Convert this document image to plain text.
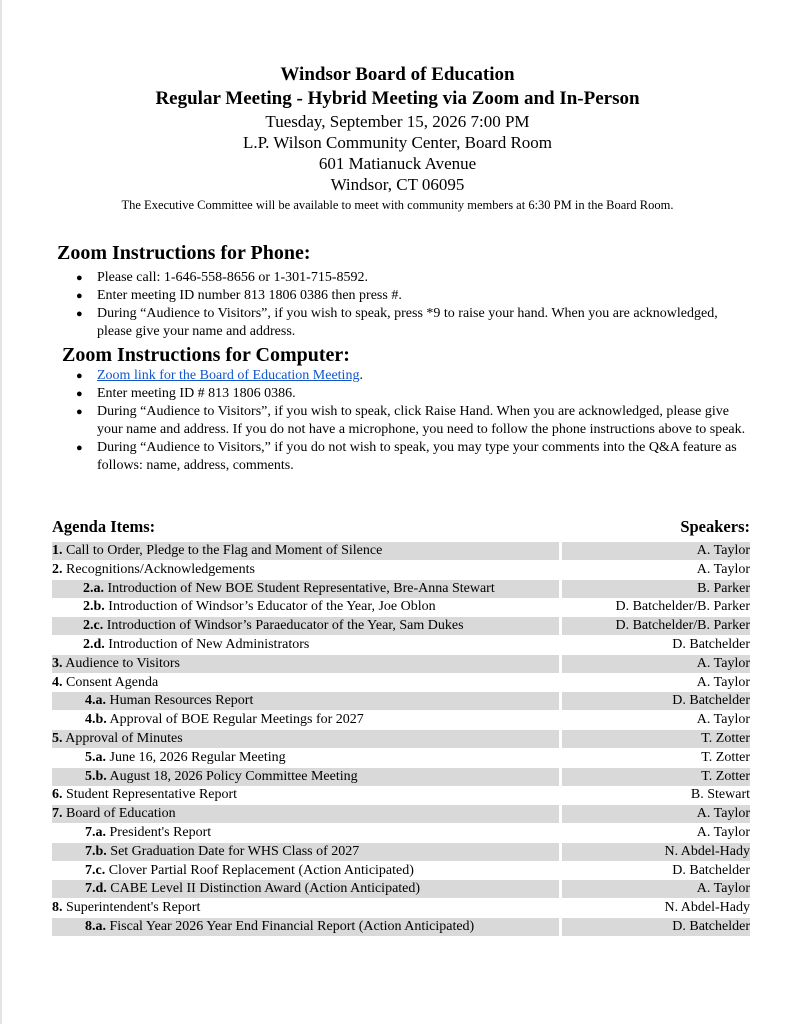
Windsor Board of Education
Regular Meeting - Hybrid Meeting via Zoom and In-Person
Tuesday, September 15, 2026 7:00 PM
L.P. Wilson Community Center, Board Room
601 Matianuck Avenue
Windsor, CT 06095
The Executive Committee will be available to meet with community members at 6:30 PM in the Board Room.
Zoom Instructions for Phone:
● Please call: 1-646-558-8656 or 1-301-715-8592.
● Enter meeting ID number 813 1806 0386 then press #.
● During “Audience to Visitors”, if you wish to speak, press *9 to raise your hand. When you are acknowledged, please give your name and address.
Zoom Instructions for Computer:
● Zoom link for the Board of Education Meeting.
● Enter meeting ID # 813 1806 0386.
● During “Audience to Visitors”, if you wish to speak, click Raise Hand. When you are acknowledged, please give your name and address. If you do not have a microphone, you need to follow the phone instructions above to speak.
● During “Audience to Visitors,” if you do not wish to speak, you may type your comments into the Q&A feature as follows: name, address, comments.
Agenda Items:	Speakers:
1. Call to Order, Pledge to the Flag and Moment of Silence	A. Taylor
2. Recognitions/Acknowledgements	A. Taylor
2.a. Introduction of New BOE Student Representative, Bre-Anna Stewart	B. Parker
2.b. Introduction of Windsor’s Educator of the Year, Joe Oblon	D. Batchelder/B. Parker
2.c. Introduction of Windsor’s Paraeducator of the Year, Sam Dukes	D. Batchelder/B. Parker
2.d. Introduction of New Administrators	D. Batchelder
3. Audience to Visitors	A. Taylor
4. Consent Agenda	A. Taylor
4.a. Human Resources Report	D. Batchelder
4.b. Approval of BOE Regular Meetings for 2027	A. Taylor
5. Approval of Minutes	T. Zotter
5.a. June 16, 2026 Regular Meeting	T. Zotter
5.b. August 18, 2026 Policy Committee Meeting	T. Zotter
6. Student Representative Report	B. Stewart
7. Board of Education	A. Taylor
7.a. President's Report	A. Taylor
7.b. Set Graduation Date for WHS Class of 2027	N. Abdel-Hady
7.c. Clover Partial Roof Replacement (Action Anticipated)	D. Batchelder
7.d. CABE Level II Distinction Award (Action Anticipated)	A. Taylor
8. Superintendent's Report	N. Abdel-Hady
8.a. Fiscal Year 2026 Year End Financial Report (Action Anticipated)	D. Batchelder
